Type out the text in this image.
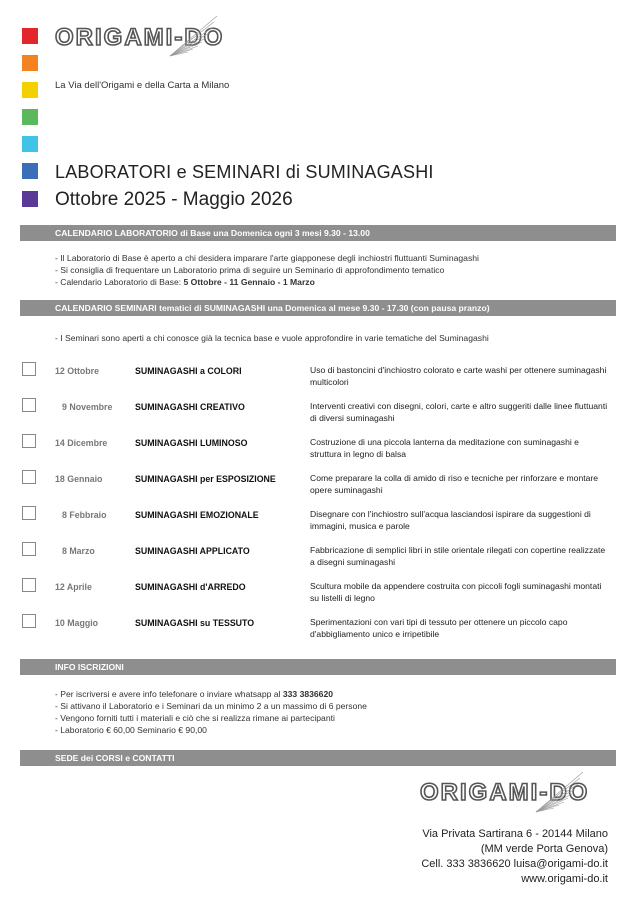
ORIGAMI-DO
La Via dell'Origami e della Carta a Milano
LABORATORI e SEMINARI di SUMINAGASHI
Ottobre 2025 - Maggio 2026
CALENDARIO LABORATORIO di Base una Domenica ogni 3 mesi 9.30 - 13.00
- Il Laboratorio di Base è aperto a chi desidera imparare l'arte giapponese degli inchiostri fluttuanti Suminagashi
- Si consiglia di frequentare un Laboratorio prima di seguire un Seminario di approfondimento tematico
- Calendario Laboratorio di Base: 5 Ottobre - 11 Gennaio - 1 Marzo
CALENDARIO SEMINARI tematici di SUMINAGASHI una Domenica al mese 9.30 - 17.30 (con pausa pranzo)
- I Seminari sono aperti a chi conosce già la tecnica base e vuole approfondire in varie tematiche del Suminagashi
12 Ottobre	SUMINAGASHI a COLORI	Uso di bastoncini d'inchiostro colorato e carte washi per ottenere suminagashi multicolori
9 Novembre	SUMINAGASHI CREATIVO	Interventi creativi con disegni, colori, carte e altro suggeriti dalle linee fluttuanti di diversi suminagashi
14 Dicembre	SUMINAGASHI LUMINOSO	Costruzione di una piccola lanterna da meditazione con suminagashi e struttura in legno di balsa
18 Gennaio	SUMINAGASHI per ESPOSIZIONE	Come preparare la colla di amido di riso e tecniche per rinforzare e montare opere suminagashi
8 Febbraio	SUMINAGASHI EMOZIONALE	Disegnare con l'inchiostro sull'acqua lasciandosi ispirare da suggestioni di immagini, musica e parole
8 Marzo	SUMINAGASHI APPLICATO	Fabbricazione di semplici libri in stile orientale rilegati con copertine realizzate a disegni suminagashi
12 Aprile	SUMINAGASHI d'ARREDO	Scultura mobile da appendere costruita con piccoli fogli suminagashi montati su listelli di legno
10 Maggio	SUMINAGASHI su TESSUTO	Sperimentazioni con vari tipi di tessuto per ottenere un piccolo capo d'abbigliamento unico e irripetibile
INFO ISCRIZIONI
- Per iscriversi e avere info telefonare o inviare whatsapp al 333 3836620
- Si attivano il Laboratorio e i Seminari da un minimo 2 a un massimo di 6 persone
- Vengono forniti tutti i materiali e ciò che si realizza rimane ai partecipanti
- Laboratorio € 60,00 Seminario € 90,00
SEDE dei CORSI e CONTATTI
ORIGAMI-DO
Via Privata Sartirana 6 - 20144 Milano
(MM verde Porta Genova)
Cell. 333 3836620 luisa@origami-do.it
www.origami-do.it
